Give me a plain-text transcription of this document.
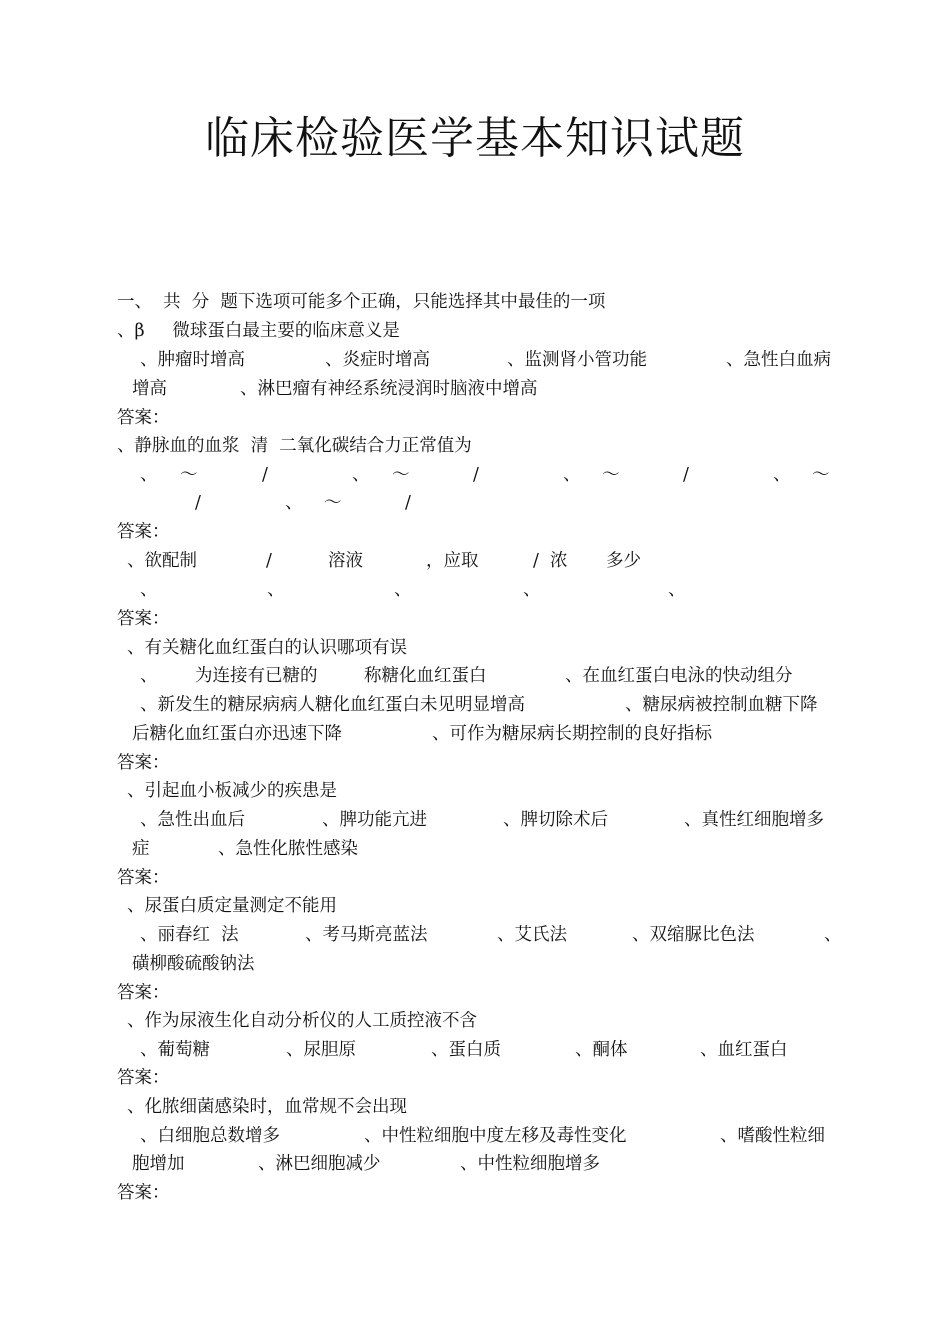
临床检验医学基本知识试题
一、  共  分  题下选项可能多个正确，只能选择其中最佳的一项
、β     微球蛋白最主要的临床意义是

、肿瘤时增高

	、炎症时增高

	、监测肾小管功能

	、急性白血病

增高

	、淋巴瘤有神经系统浸润时脑液中增高

答案：
、静脉血的血浆  清  二氧化碳结合力正常值为

、

～

	/

	、

～

	/

	、

～

	/

	、

～

/

	、

～

	/

答案：

、欲配制

	/

	溶液

	，应取

	/  浓

多少

、

	、

	、

	、

	、

答案：
、有关糖化血红蛋白的认识哪项有误

、

为连接有已糖的

	称糖化血红蛋白

	、在血红蛋白电泳的快动组分

、新发生的糖尿病病人糖化血红蛋白未见明显增高

	、糖尿病被控制血糖下降

后糖化血红蛋白亦迅速下降

	、可作为糖尿病长期控制的良好指标

答案：
、引起血小板减少的疾患是

、急性出血后

	、脾功能亢进

	、脾切除术后

	、真性红细胞增多

症

	、急性化脓性感染

答案：
、尿蛋白质定量测定不能用

、丽春红  法

	、考马斯亮蓝法

	、艾氏法

	、双缩脲比色法

	、

磺柳酸硫酸钠法
答案：
、作为尿液生化自动分析仪的人工质控液不含

、葡萄糖

	、尿胆原

	、蛋白质

	、酮体

	、血红蛋白

答案：
、化脓细菌感染时，血常规不会出现

、白细胞总数增多

	、中性粒细胞中度左移及毒性变化

	、嗜酸性粒细

胞增加

	、淋巴细胞减少

	、中性粒细胞增多

答案：
